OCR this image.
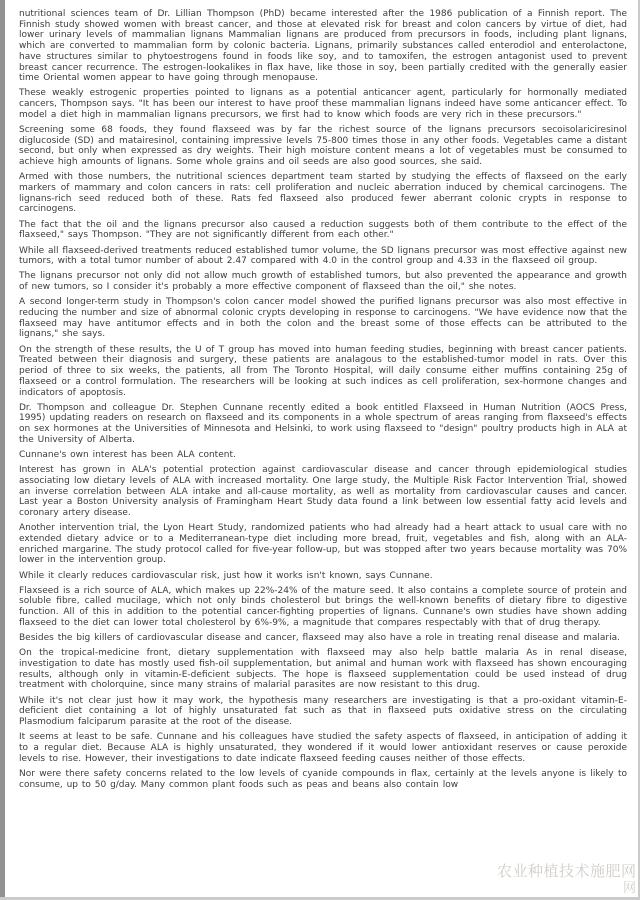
nutritional sciences team of Dr. Lillian Thompson (PhD) became interested after the 1986 publication of a Finnish report. The Finnish study showed women with breast cancer, and those at elevated risk for breast and colon cancers by virtue of diet, had lower urinary levels of mammalian lignans Mammalian lignans are produced from precursors in foods, including plant lignans, which are converted to mammalian form by colonic bacteria. Lignans, primarily substances called enterodiol and enterolactone, have structures similar to phytoestrogens found in foods like soy, and to tamoxifen, the estrogen antagonist used to prevent breast cancer recurrence. The estrogen-lookalikes in flax have, like those in soy, been partially credited with the generally easier time Oriental women appear to have going through menopause.

These weakly estrogenic properties pointed to lignans as a potential anticancer agent, particularly for hormonally mediated cancers, Thompson says. "It has been our interest to have proof these mammalian lignans indeed have some anticancer effect. To model a diet high in mammalian lignans precursors, we first had to know which foods are very rich in these precursors."

Screening some 68 foods, they found flaxseed was by far the richest source of the lignans precursors secoisolariciresinol diglucoside (SD) and matairesinol, containing impressive levels 75-800 times those in any other foods. Vegetables came a distant second, but only when expressed as dry weights. Their high moisture content means a lot of vegetables must be consumed to achieve high amounts of lignans. Some whole grains and oil seeds are also good sources, she said.

Armed with those numbers, the nutritional sciences department team started by studying the effects of flaxseed on the early markers of mammary and colon cancers in rats: cell proliferation and nucleic aberration induced by chemical carcinogens. The lignans-rich seed reduced both of these. Rats fed flaxseed also produced fewer aberrant colonic crypts in response to carcinogens.

The fact that the oil and the lignans precursor also caused a reduction suggests both of them contribute to the effect of the flaxseed," says Thompson. "They are not significantly different from each other."

While all flaxseed-derived treatments reduced established tumor volume, the SD lignans precursor was most effective against new tumors, with a total tumor number of about 2.47 compared with 4.0 in the control group and 4.33 in the flaxseed oil group.

The lignans precursor not only did not allow much growth of established tumors, but also prevented the appearance and growth of new tumors, so I consider it's probably a more effective component of flaxseed than the oil," she notes.

A second longer-term study in Thompson's colon cancer model showed the purified lignans precursor was also most effective in reducing the number and size of abnormal colonic crypts developing in response to carcinogens. "We have evidence now that the flaxseed may have antitumor effects and in both the colon and the breast some of those effects can be attributed to the lignans," she says.

On the strength of these results, the U of T group has moved into human feeding studies, beginning with breast cancer patients. Treated between their diagnosis and surgery, these patients are analagous to the established-tumor model in rats. Over this period of three to six weeks, the patients, all from The Toronto Hospital, will daily consume either muffins containing 25g of flaxseed or a control formulation. The researchers will be looking at such indices as cell proliferation, sex-hormone changes and indicators of apoptosis.

Dr. Thompson and colleague Dr. Stephen Cunnane recently edited a book entitled Flaxseed in Human Nutrition (AOCS Press, 1995) updating readers on research on flaxseed and its components in a whole spectrum of areas ranging from flaxseed's effects on sex hormones at the Universities of Minnesota and Helsinki, to work using flaxseed to "design" poultry products high in ALA at the University of Alberta.

Cunnane's own interest has been ALA content.

Interest has grown in ALA's potential protection against cardiovascular disease and cancer through epidemiological studies associating low dietary levels of ALA with increased mortality. One large study, the Multiple Risk Factor Intervention Trial, showed an inverse correlation between ALA intake and all-cause mortality, as well as mortality from cardiovascular causes and cancer. Last year a Boston University analysis of Framingham Heart Study data found a link between low essential fatty acid levels and coronary artery disease.

Another intervention trial, the Lyon Heart Study, randomized patients who had already had a heart attack to usual care with no extended dietary advice or to a Mediterranean-type diet including more bread, fruit, vegetables and fish, along with an ALA-enriched margarine. The study protocol called for five-year follow-up, but was stopped after two years because mortality was 70% lower in the intervention group.

While it clearly reduces cardiovascular risk, just how it works isn't known, says Cunnane.

Flaxseed is a rich source of ALA, which makes up 22%-24% of the mature seed. It also contains a complete source of protein and soluble fibre, called mucilage, which not only binds cholesterol but brings the well-known benefits of dietary fibre to digestive function. All of this in addition to the potential cancer-fighting properties of lignans. Cunnane's own studies have shown adding flaxseed to the diet can lower total cholesterol by 6%-9%, a magnitude that compares respectably with that of drug therapy.

Besides the big killers of cardiovascular disease and cancer, flaxseed may also have a role in treating renal disease and malaria.

On the tropical-medicine front, dietary supplementation with flaxseed may also help battle malaria As in renal disease, investigation to date has mostly used fish-oil supplementation, but animal and human work with flaxseed has shown encouraging results, although only in vitamin-E-deficient subjects. The hope is flaxseed supplementation could be used instead of drug treatment with cholorquine, since many strains of malarial parasites are now resistant to this drug.

While it's not clear just how it may work, the hypothesis many researchers are investigating is that a pro-oxidant vitamin-E-deficient diet containing a lot of highly unsaturated fat such as that in flaxseed puts oxidative stress on the circulating Plasmodium falciparum parasite at the root of the disease.

It seems at least to be safe. Cunnane and his colleagues have studied the safety aspects of flaxseed, in anticipation of adding it to a regular diet. Because ALA is highly unsaturated, they wondered if it would lower antioxidant reserves or cause peroxide levels to rise. However, their investigations to date indicate flaxseed feeding causes neither of those effects.

Nor were there safety concerns related to the low levels of cyanide compounds in flax, certainly at the levels anyone is likely to consume, up to 50 g/day. Many common plant foods such as peas and beans also contain low

农业种植技术施肥网
网
